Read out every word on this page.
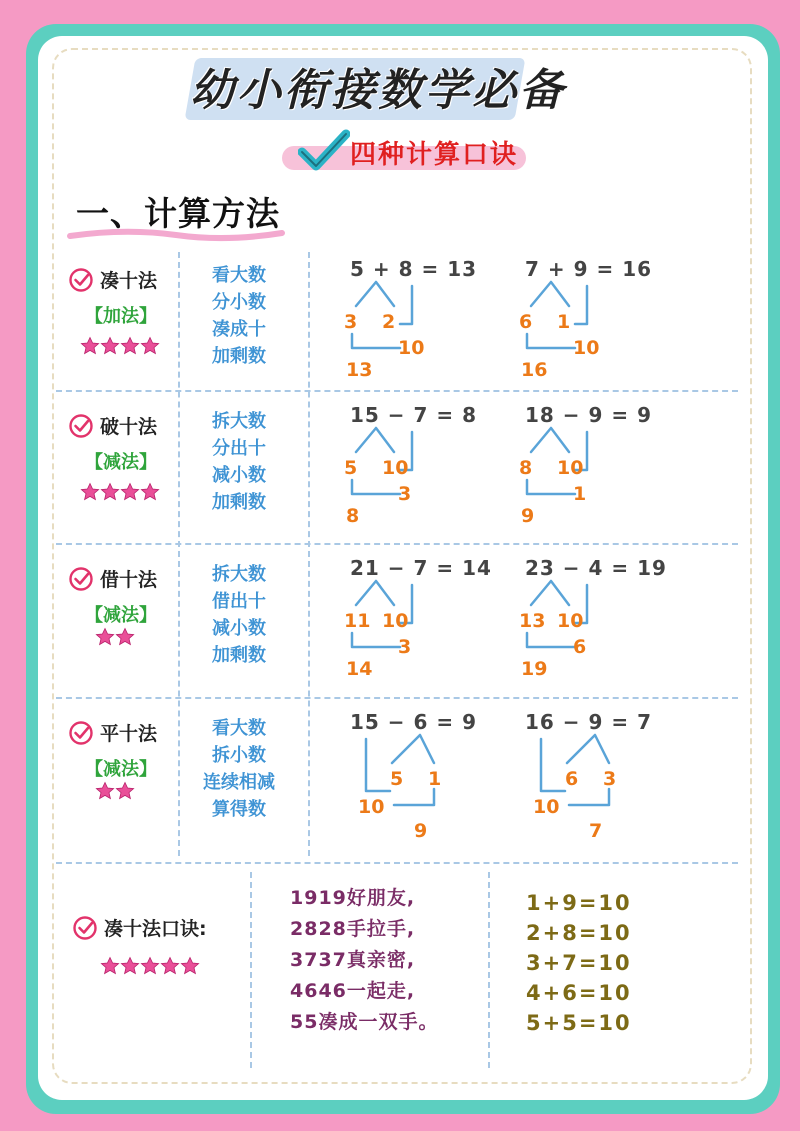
幼小衔接数学必备
四种计算口诀
一、计算方法
凑十法
【加法】
看大数
分小数
凑成十
加剩数
5 + 8 = 13
3 2
10
13
7 + 9 = 16
6 1
10
16
破十法
【减法】
拆大数
分出十
减小数
加剩数
15 − 7 = 8
5 10
3
8
18 − 9 = 9
8 10
1
9
借十法
【减法】
拆大数
借出十
减小数
加剩数
21 − 7 = 14
11 10
3
14
23 − 4 = 19
13 10
6
19
平十法
【减法】
看大数
拆小数
连续相减
算得数
15 − 6 = 9
5 1
10
9
16 − 9 = 7
6 3
10
7
凑十法口诀:
1919好朋友,
2828手拉手,
3737真亲密,
4646一起走,
55凑成一双手。
1+9=10
2+8=10
3+7=10
4+6=10
5+5=10
